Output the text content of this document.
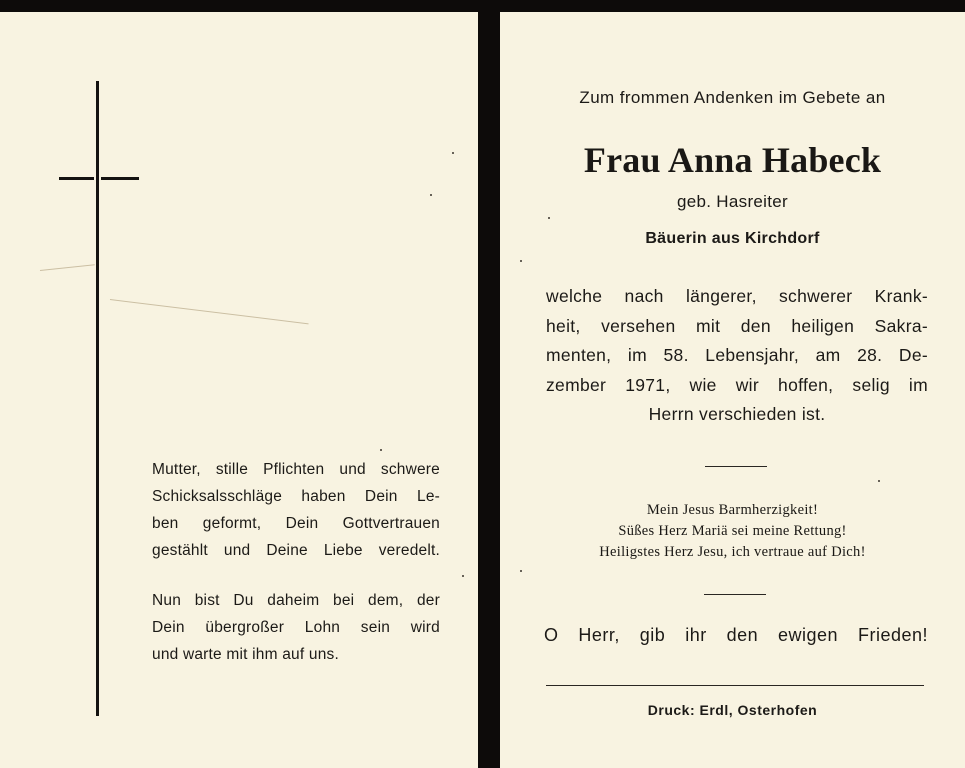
Mutter, stille Pflichten und schwere
Schicksalsschläge haben Dein Le-
ben geformt, Dein Gottvertrauen
gestählt und Deine Liebe veredelt.
Nun bist Du daheim bei dem, der
Dein übergroßer Lohn sein wird
und warte mit ihm auf uns.
Zum frommen Andenken im Gebete an
Frau Anna Habeck
geb. Hasreiter
Bäuerin aus Kirchdorf
welche nach längerer, schwerer Krank-
heit, versehen mit den heiligen Sakra-
menten, im 58. Lebensjahr, am 28. De-
zember 1971, wie wir hoffen, selig im
Herrn verschieden ist.
Mein Jesus Barmherzigkeit!
Süßes Herz Mariä sei meine Rettung!
Heiligstes Herz Jesu, ich vertraue auf Dich!
O Herr, gib ihr den ewigen Frieden!
Druck: Erdl, Osterhofen
